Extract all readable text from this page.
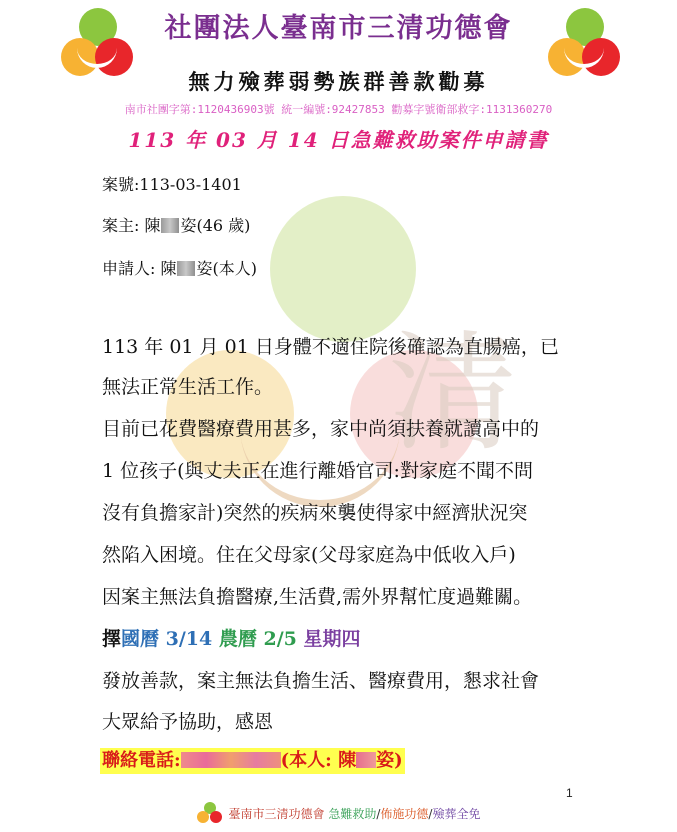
清
社團法人臺南市三清功德會
無力殮葬弱勢族群善款勸募
南市社團字第:1120436903號 統一編號:92427853 勸募字號衛部救字:1131360270
113 年 03 月 14 日急難救助案件申請書
案號:113-03-1401
案主: 陳 姿(46 歲)
申請人: 陳 姿(本人)
113 年 01 月 01 日身體不適住院後確認為直腸癌，已
無法正常生活工作。
目前已花費醫療費用甚多，家中尚須扶養就讀高中的
1 位孩子(與丈夫正在進行離婚官司:對家庭不聞不問
沒有負擔家計)突然的疾病來襲使得家中經濟狀況突
然陷入困境。住在父母家(父母家庭為中低收入戶)
因案主無法負擔醫療,生活費,需外界幫忙度過難關。
擇國曆 3/14 農曆 2/5 星期四
發放善款，案主無法負擔生活、醫療費用，懇求社會
大眾給予協助，感恩
聯絡電話:	(本人: 陳 姿)
1
臺南市三清功德會 急難救助/佈施功德/殮葬全免
